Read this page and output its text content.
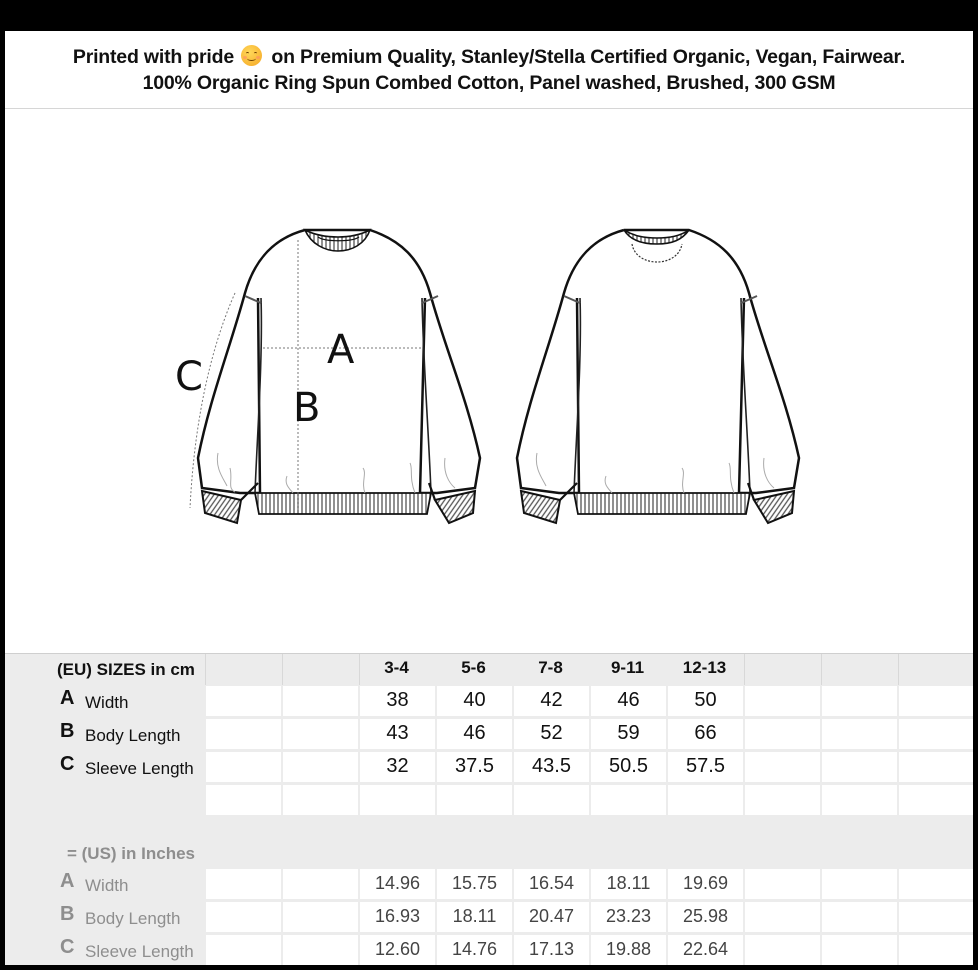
Printed with pride on Premium Quality, Stanley/Stella Certified Organic, Vegan, Fairwear.
100% Organic Ring Spun Combed Cotton, Panel washed, Brushed, 300 GSM
A
B
C
(EU) SIZES in cm	3-4	5-6	7-8	9-11	12-13
A Width	38	40	42	46	50
B Body Length	43	46	52	59	66
C Sleeve Length	32	37.5	43.5	50.5	57.5
= (US) in Inches
A Width	14.96	15.75	16.54	18.11	19.69
B Body Length	16.93	18.11	20.47	23.23	25.98
C Sleeve Length	12.60	14.76	17.13	19.88	22.64
